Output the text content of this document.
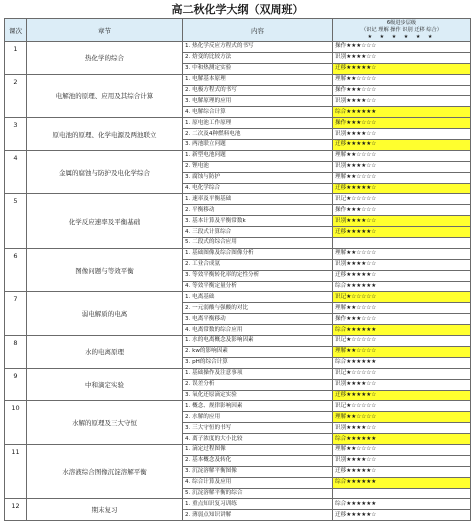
高二秋化学大纲（双周班）			
课次	章节	内容	6级进步层级
（识记 理解 操作 识别 迁移 综合）
★ ★ ★ ★ ★ ★

1	热化学的综合	1. 热化学反应方程式的书写	操作★★★☆☆☆
		2. 焓变的比较方法	识别★★★★☆☆
		3. 中和热测定实验	迁移★★★★★☆
2	电解池的原理、应用及其综合计算	1. 电解基本原理	理解★★☆☆☆☆
		2. 电极方程式的书写	操作★★★☆☆☆
		3. 电解原理的应用	识别★★★★☆☆
		4. 电解综合计算	综合★★★★★★
3	原电池的原理、化学电源及两池联立	1. 原电池工作原理	操作★★★☆☆☆
		2. 二次及4种燃料电池	识别★★★★☆☆
		3. 两池联立问题	迁移★★★★★☆
4	金属的腐蚀与防护及电化学综合	1. 新型电池问题	理解★★☆☆☆☆
		2. 锂电池	识别★★★★☆☆
		3. 腐蚀与防护	理解★★☆☆☆☆
		4. 电化学综合	迁移★★★★★☆
5	化学反应速率及平衡基础	1. 速率及平衡基础	识记★☆☆☆☆☆
		2. 平衡移动	操作★★★☆☆☆
		3. 基本计算及平衡常数k	识别★★★★☆☆
		4. 三段式计算综合	迁移★★★★★☆
		5. 二段式的综合应用	
6	图像问题与等效平衡	1. 基础图像及综合图像分析	理解★★☆☆☆☆
		2. 工业合成氨	识别★★★★☆☆
		3. 等效平衡转化率的定性分析	迁移★★★★★☆
		4. 等效平衡定量分析	综合★★★★★★
7	弱电解质的电离	1. 电离基础	识记★☆☆☆☆☆
		2. 一元弱酸与强酸的对比	理解★★☆☆☆☆
		3. 电离平衡移动	操作★★★☆☆☆
		4. 电离常数的综合应用	综合★★★★★★
8	水的电离原理	1. 水的电离概念及影响因素	识记★☆☆☆☆☆
		2. kw的影响因素	理解★★☆☆☆☆
		3. pH的综合计算	综合★★★★★★
9	中和滴定实验	1. 基础操作及注意事项	识记★☆☆☆☆☆
		2. 误差分析	识别★★★★☆☆
		3. 氧化还原滴定实验	迁移★★★★★☆
10	水解的原理及三大守恒	1. 概念、规律影响因素	识记★☆☆☆☆☆
		2. 水解的应用	理解★★☆☆☆☆
		3. 三大守恒的书写	识别★★★★☆☆
		4. 离子浓度的大小比较	综合★★★★★★
11	水溶液综合图像沉淀溶解平衡	1. 滴定过程图像	理解★★☆☆☆☆
		2. 基本概念及转化	识别★★★★☆☆
		3. 沉淀溶解平衡图像	迁移★★★★★☆
		4. 综合计算及应用	综合★★★★★★
		5. 沉淀溶解平衡的综合	
12	期末复习	1. 重点知识复习训练	综合★★★★★★
		2. 薄弱点知识讲解	迁移★★★★★☆
